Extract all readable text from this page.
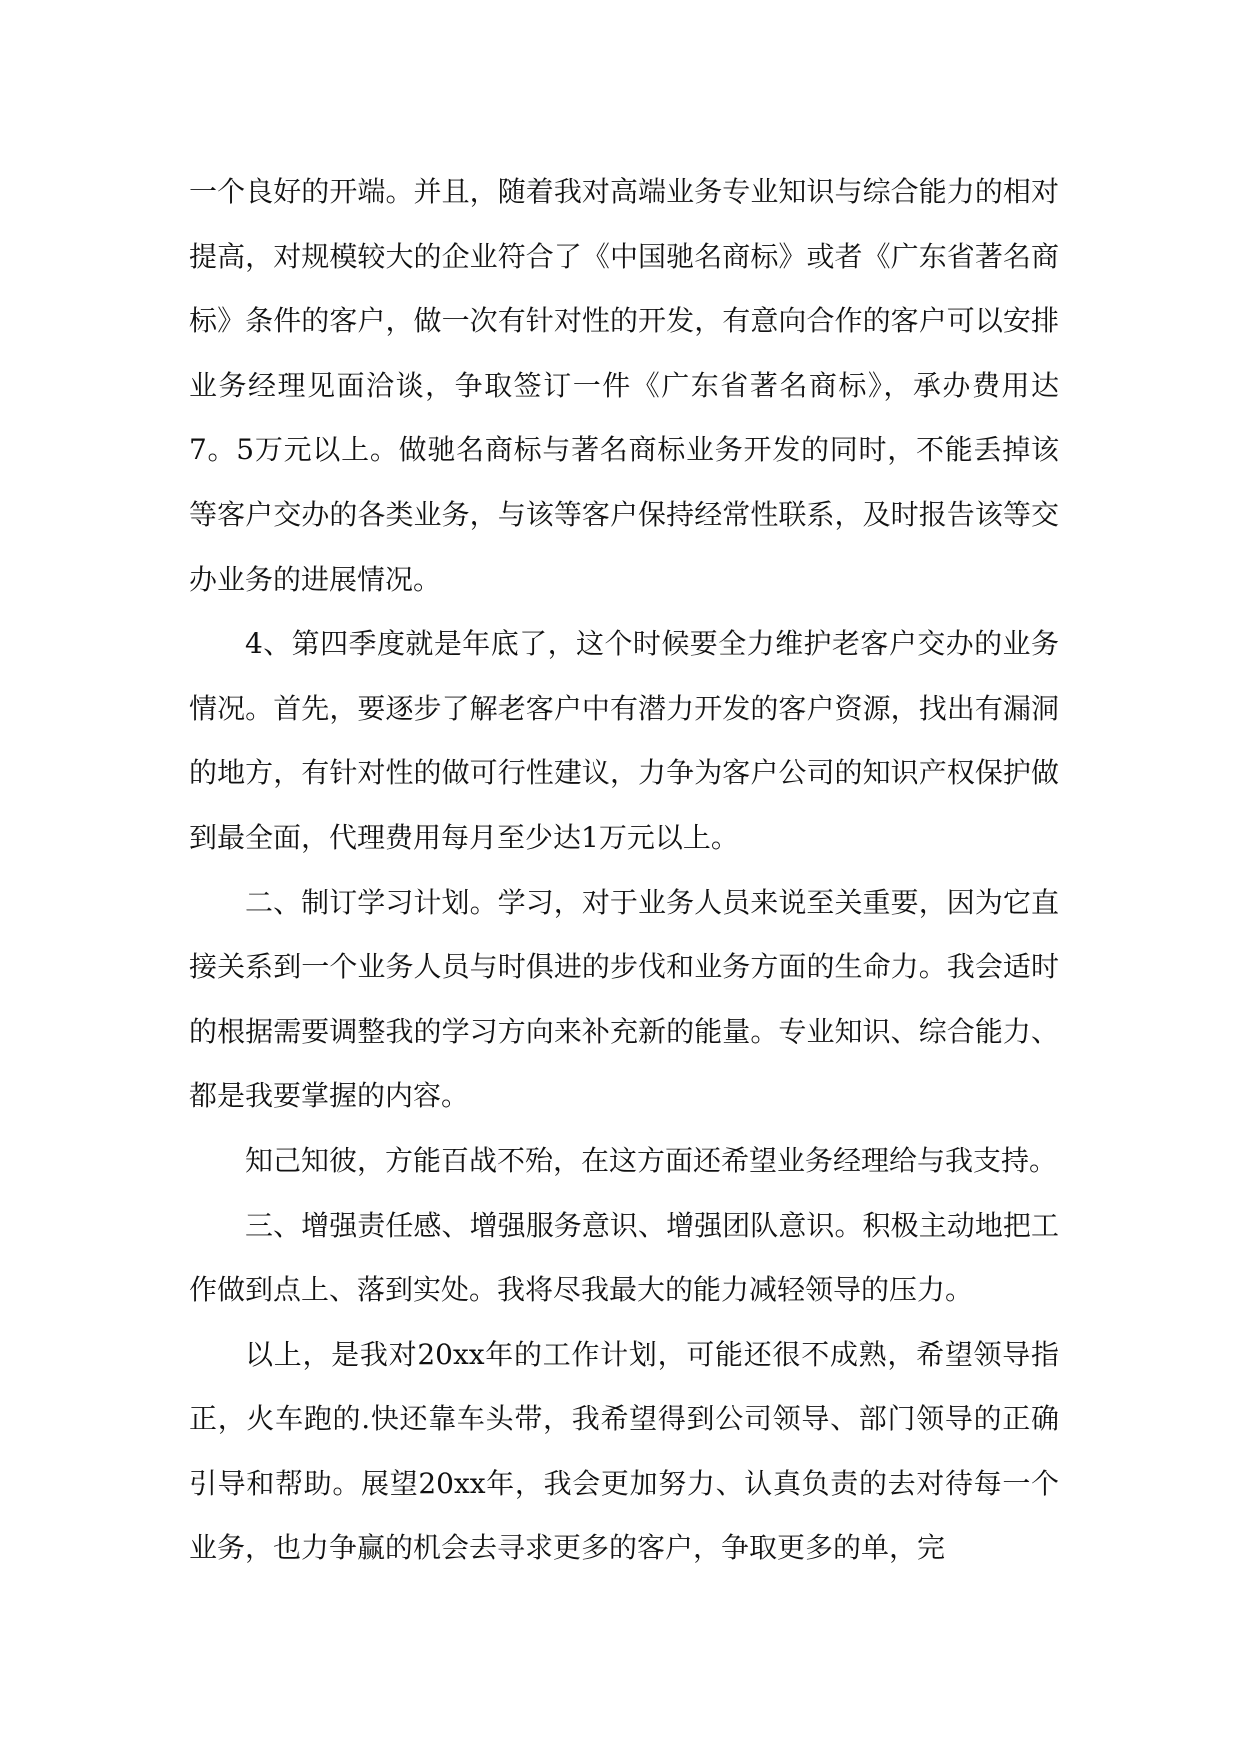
一个良好的开端。并且，随着我对高端业务专业知识与综合能力的相对提高，对规模较大的企业符合了《中国驰名商标》或者《广东省著名商标》条件的客户，做一次有针对性的开发，有意向合作的客户可以安排业务经理见面洽谈，争取签订一件《广东省著名商标》，承办费用达7。5万元以上。做驰名商标与著名商标业务开发的同时，不能丢掉该等客户交办的各类业务，与该等客户保持经常性联系，及时报告该等交办业务的进展情况。

4、第四季度就是年底了，这个时候要全力维护老客户交办的业务情况。首先，要逐步了解老客户中有潜力开发的客户资源，找出有漏洞的地方，有针对性的做可行性建议，力争为客户公司的知识产权保护做到最全面，代理费用每月至少达1万元以上。

二、制订学习计划。学习，对于业务人员来说至关重要，因为它直接关系到一个业务人员与时俱进的步伐和业务方面的生命力。我会适时的根据需要调整我的学习方向来补充新的能量。专业知识、综合能力、都是我要掌握的内容。

知己知彼，方能百战不殆，在这方面还希望业务经理给与我支持。

三、增强责任感、增强服务意识、增强团队意识。积极主动地把工作做到点上、落到实处。我将尽我最大的能力减轻领导的压力。

以上，是我对20xx年的工作计划，可能还很不成熟，希望领导指正，火车跑的.快还靠车头带，我希望得到公司领导、部门领导的正确引导和帮助。展望20xx年，我会更加努力、认真负责的去对待每一个业务，也力争赢的机会去寻求更多的客户，争取更多的单，完
